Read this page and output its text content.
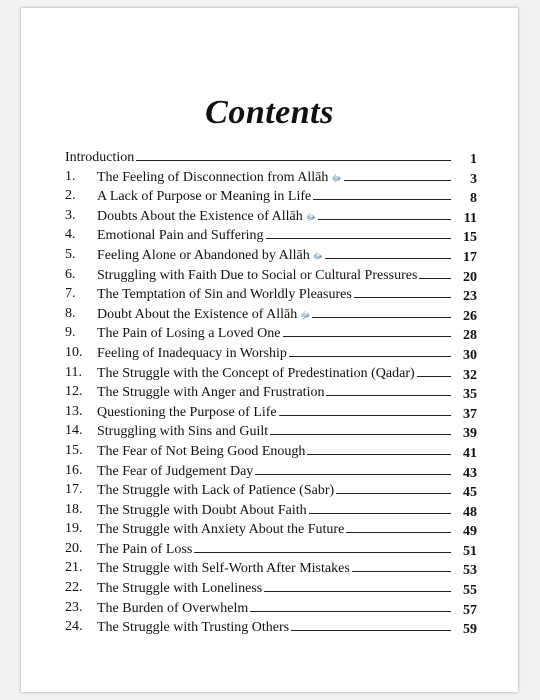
Contents
Introduction	1
1. The Feeling of Disconnection from Allāh ﷻ	3
2. A Lack of Purpose or Meaning in Life	8
3. Doubts About the Existence of Allāh ﷻ	11
4. Emotional Pain and Suffering	15
5. Feeling Alone or Abandoned by Allāh ﷻ	17
6. Struggling with Faith Due to Social or Cultural Pressures	20
7. The Temptation of Sin and Worldly Pleasures	23
8. Doubt About the Existence of Allāh ﷻ	26
9. The Pain of Losing a Loved One	28
10. Feeling of Inadequacy in Worship	30
11. The Struggle with the Concept of Predestination (Qadar)	32
12. The Struggle with Anger and Frustration	35
13. Questioning the Purpose of Life	37
14. Struggling with Sins and Guilt	39
15. The Fear of Not Being Good Enough	41
16. The Fear of Judgement Day	43
17. The Struggle with Lack of Patience (Sabr)	45
18. The Struggle with Doubt About Faith	48
19. The Struggle with Anxiety About the Future	49
20. The Pain of Loss	51
21. The Struggle with Self-Worth After Mistakes	53
22. The Struggle with Loneliness	55
23. The Burden of Overwhelm	57
24. The Struggle with Trusting Others	59
